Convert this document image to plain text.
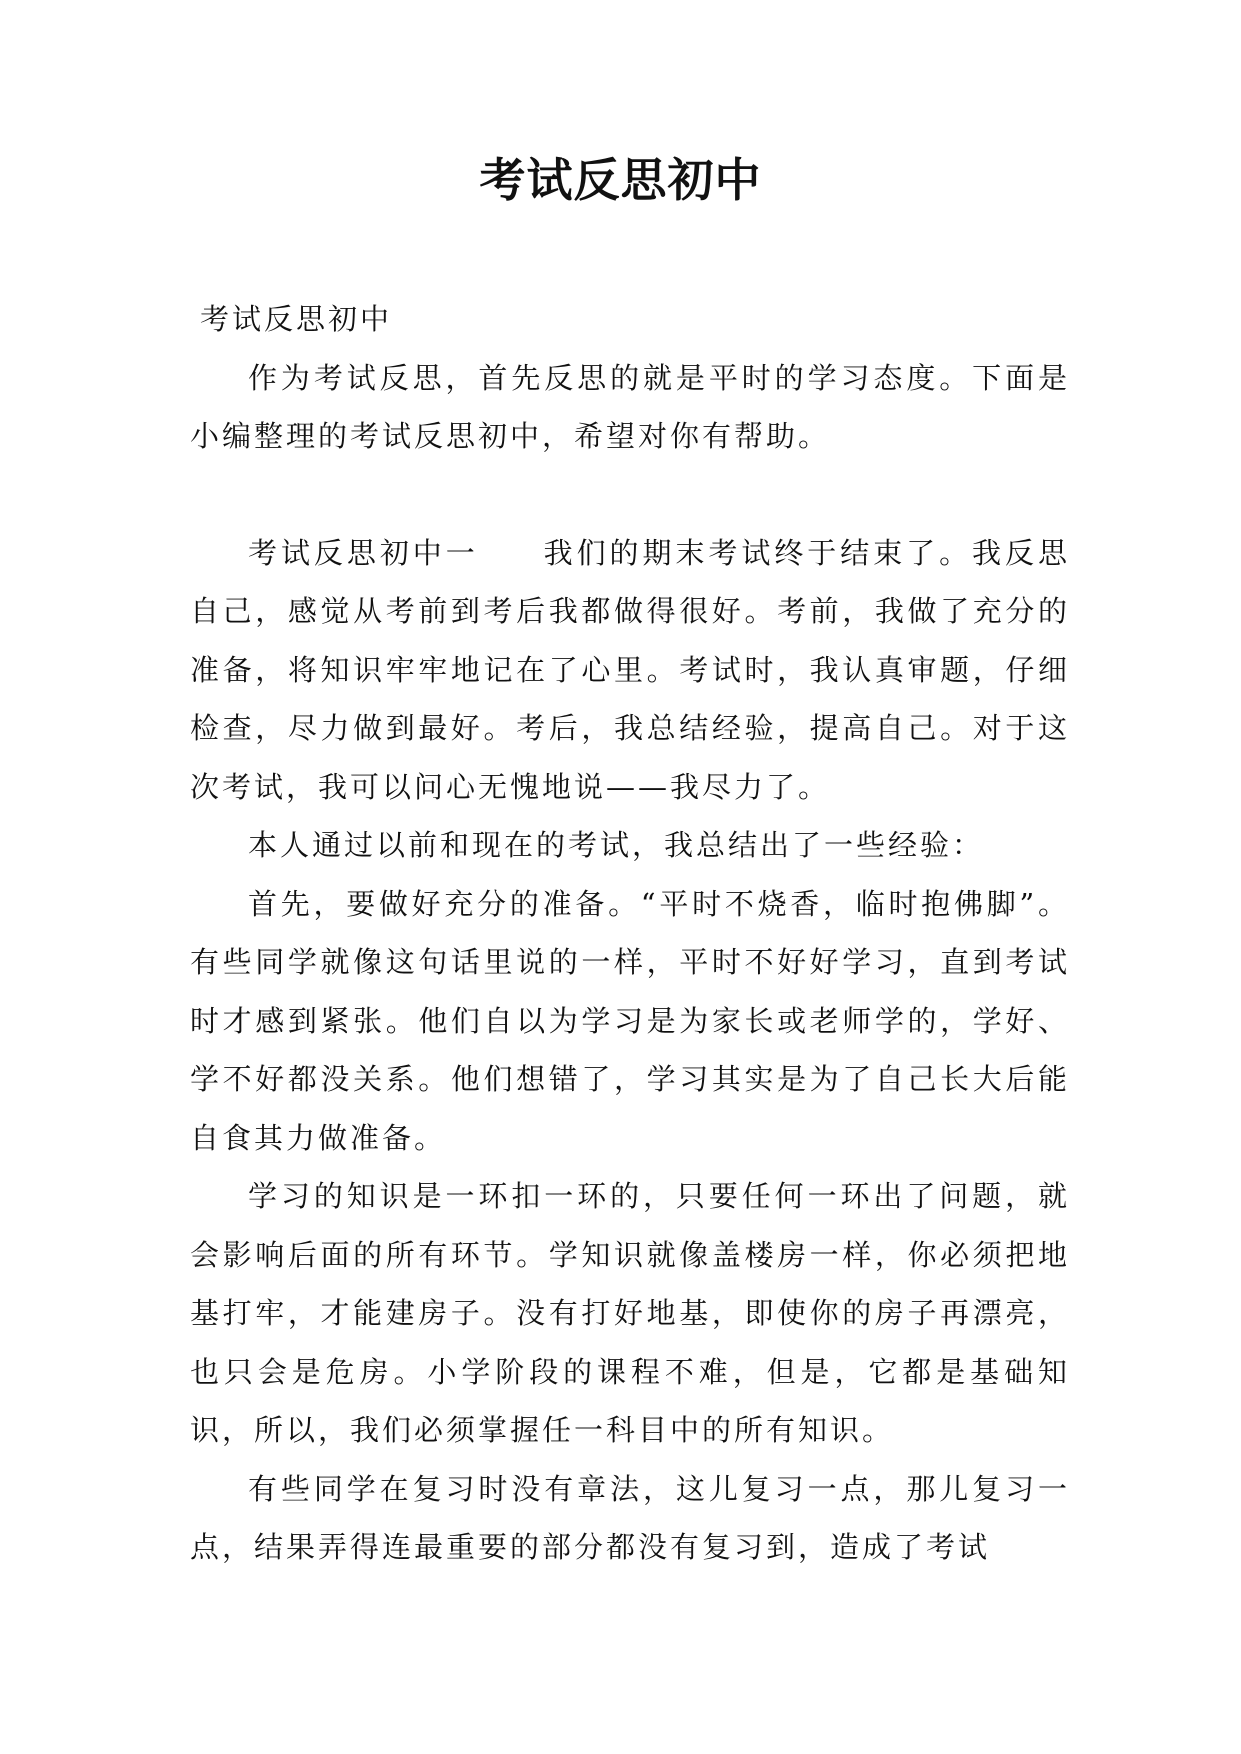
考试反思初中

考试反思初中

作为考试反思，首先反思的就是平时的学习态度。下面是小编整理的考试反思初中，希望对你有帮助。

考试反思初中一 我们的期末考试终于结束了。我反思自己，感觉从考前到考后我都做得很好。考前，我做了充分的准备，将知识牢牢地记在了心里。考试时，我认真审题，仔细检查，尽力做到最好。考后，我总结经验，提高自己。对于这次考试，我可以问心无愧地说——我尽力了。

本人通过以前和现在的考试，我总结出了一些经验：

首先，要做好充分的准备。“平时不烧香，临时抱佛脚”。有些同学就像这句话里说的一样，平时不好好学习，直到考试时才感到紧张。他们自以为学习是为家长或老师学的，学好、学不好都没关系。他们想错了，学习其实是为了自己长大后能自食其力做准备。

学习的知识是一环扣一环的，只要任何一环出了问题，就会影响后面的所有环节。学知识就像盖楼房一样，你必须把地基打牢，才能建房子。没有打好地基，即使你的房子再漂亮，也只会是危房。小学阶段的课程不难，但是，它都是基础知识，所以，我们必须掌握任一科目中的所有知识。

有些同学在复习时没有章法，这儿复习一点，那儿复习一点，结果弄得连最重要的部分都没有复习到，造成了考试
